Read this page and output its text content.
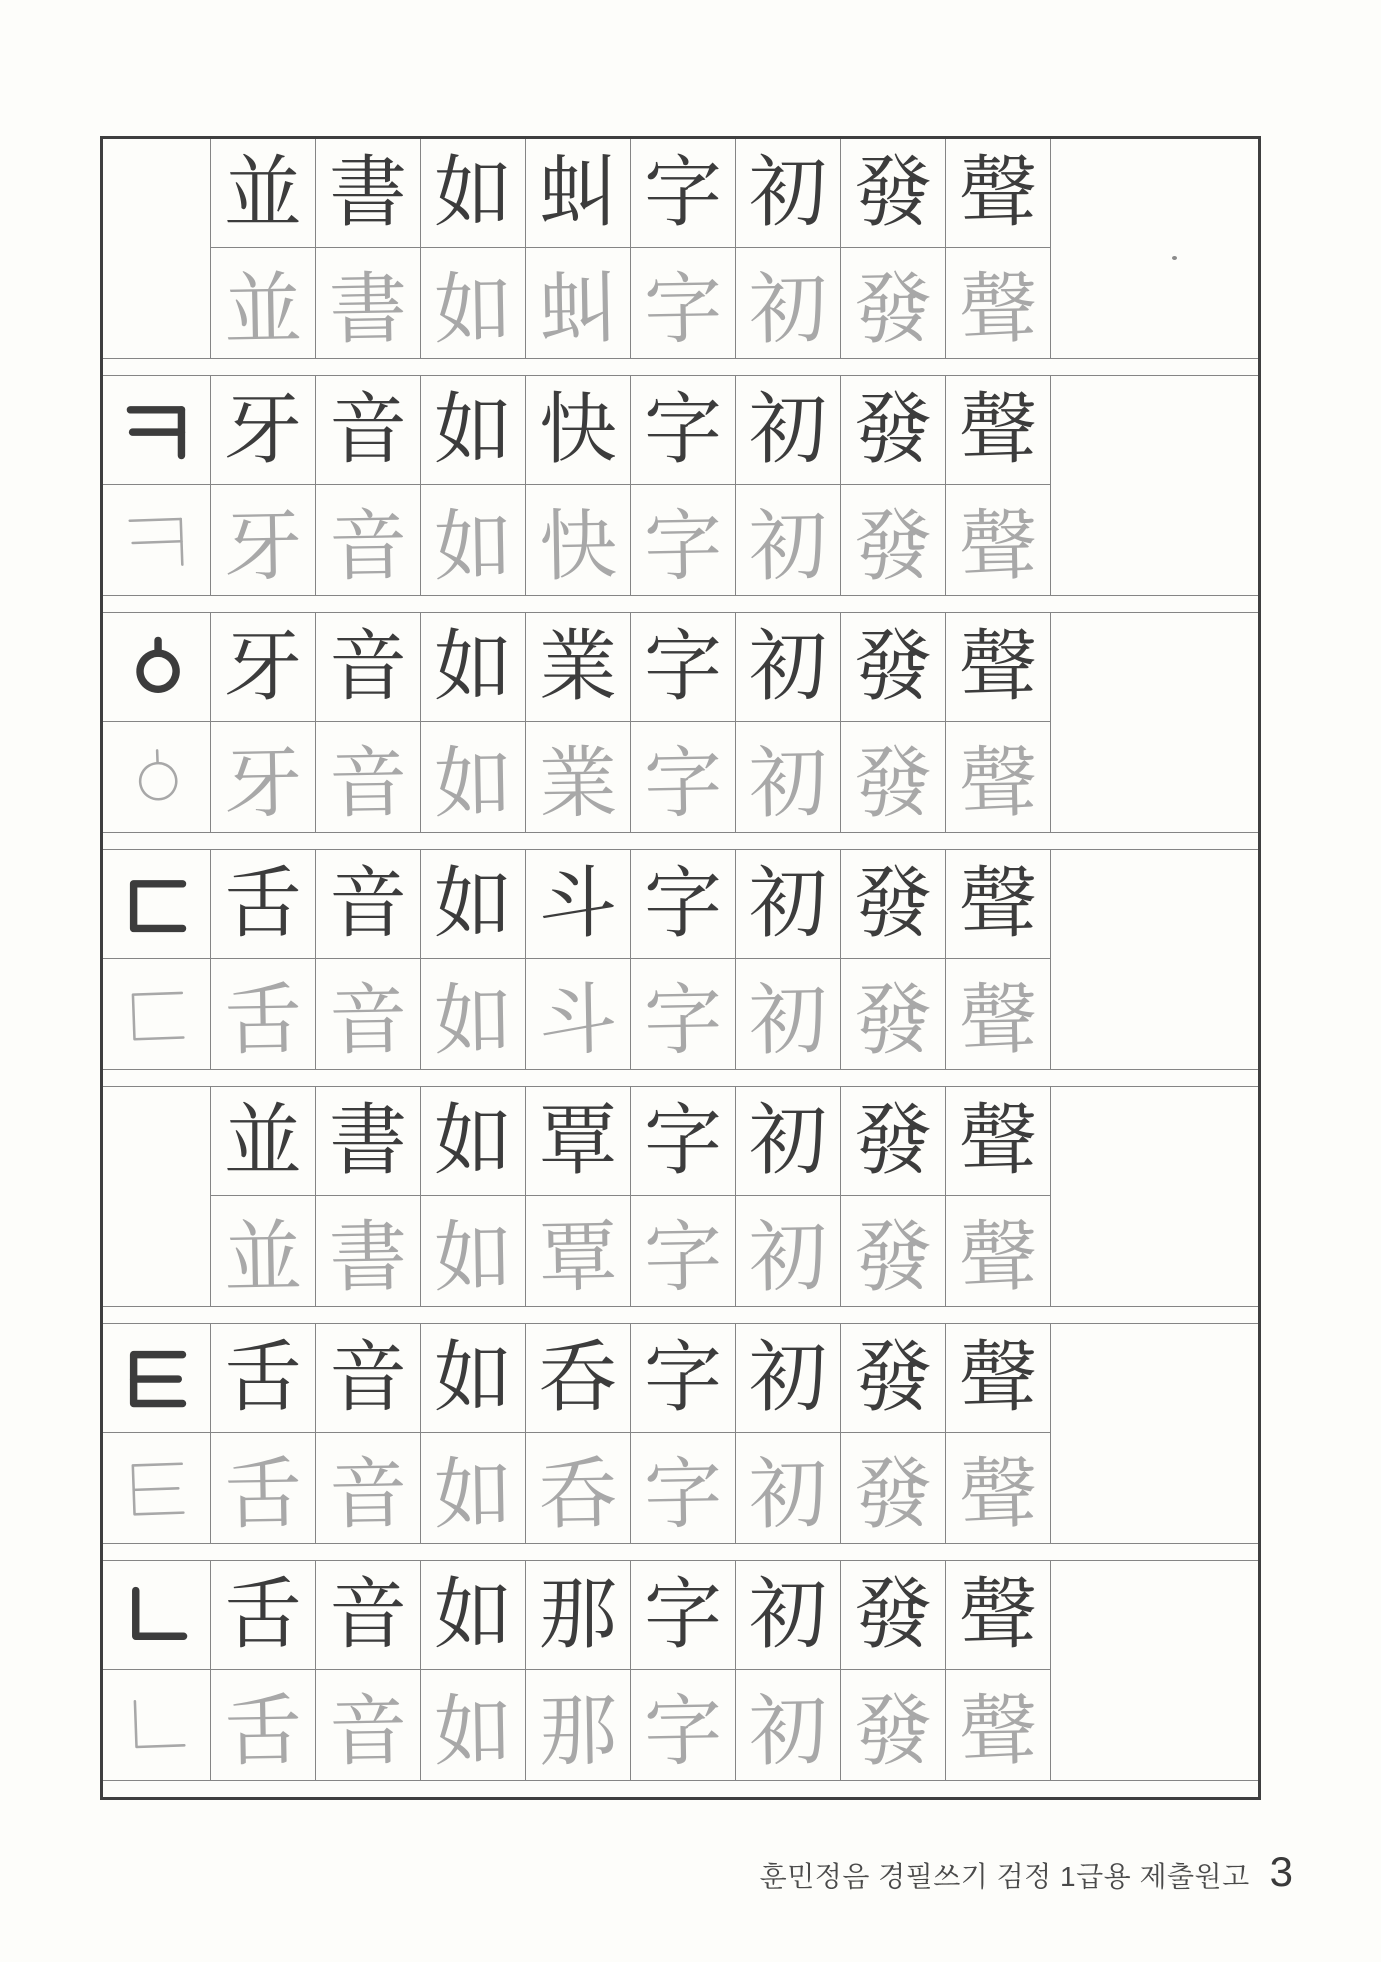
並 書 如 虯 字 初 發 聲
並 書 如 虯 字 初 發 聲
牙 音 如 快 字 初 發 聲
牙 音 如 快 字 初 發 聲
牙 音 如 業 字 初 發 聲
牙 音 如 業 字 初 發 聲
舌 音 如 斗 字 初 發 聲
舌 音 如 斗 字 初 發 聲
並 書 如 覃 字 初 發 聲
並 書 如 覃 字 初 發 聲
舌 音 如 呑 字 初 發 聲
舌 音 如 呑 字 初 發 聲
舌 音 如 那 字 初 發 聲
舌 音 如 那 字 初 發 聲
훈민정음 경필쓰기 검정 1급용 제출원고 3
